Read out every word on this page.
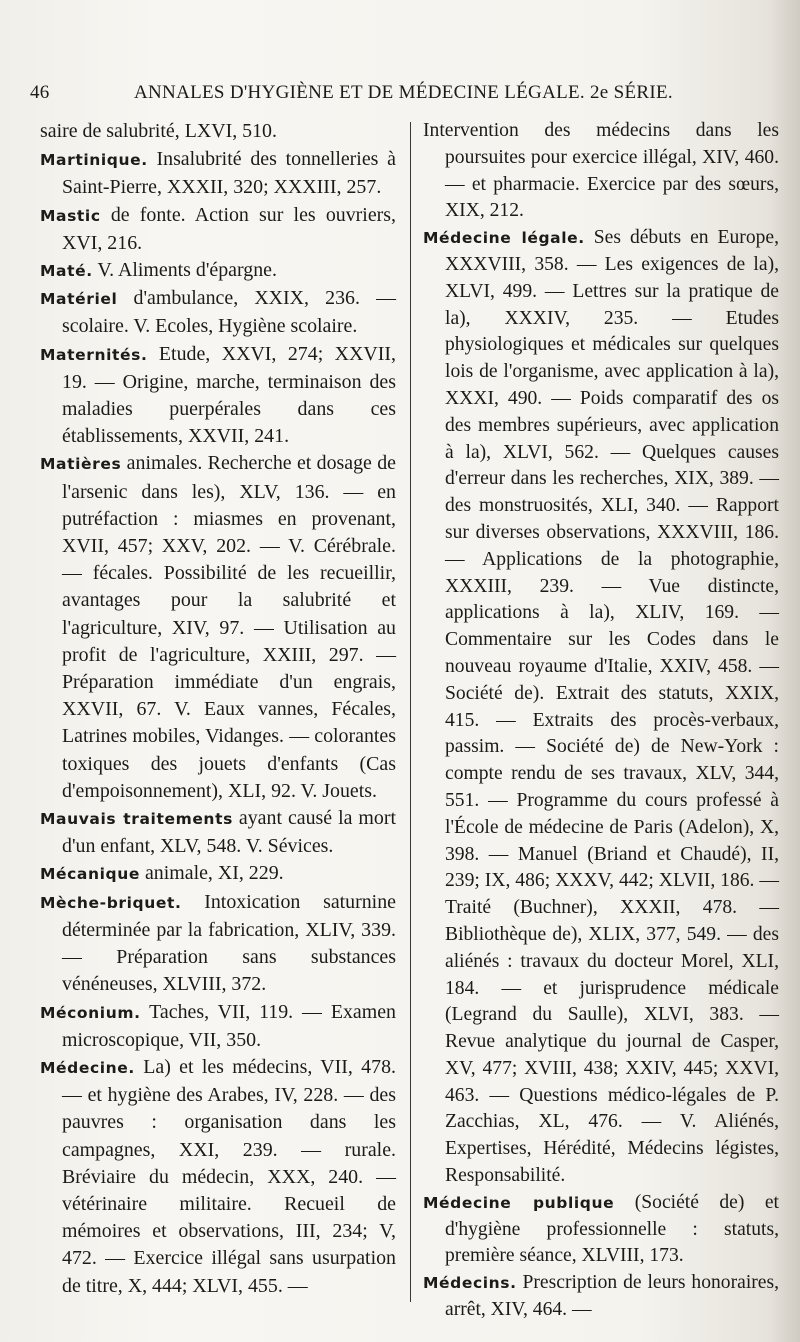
46	ANNALES D'HYGIÈNE ET DE MÉDECINE LÉGALE. 2e SÉRIE.

saire de salubrité, LXVI, 510.

Martinique. Insalubrité des tonnelleries à Saint-Pierre, XXXII, 320; XXXIII, 257.

Mastic de fonte. Action sur les ouvriers, XVI, 216.

Maté. V. Aliments d'épargne.

Matériel d'ambulance, XXIX, 236. — scolaire. V. Ecoles, Hygiène scolaire.

Maternités. Etude, XXVI, 274; XXVII, 19. — Origine, marche, terminaison des maladies puerpérales dans ces établissements, XXVII, 241.

Matières animales. Recherche et dosage de l'arsenic dans les), XLV, 136. — en putréfaction : miasmes en provenant, XVII, 457; XXV, 202. — V. Cérébrale. — fécales. Possibilité de les recueillir, avantages pour la salubrité et l'agriculture, XIV, 97. — Utilisation au profit de l'agriculture, XXIII, 297. — Préparation immédiate d'un engrais, XXVII, 67. V. Eaux vannes, Fécales, Latrines mobiles, Vidanges. — colorantes toxiques des jouets d'enfants (Cas d'empoisonnement), XLI, 92. V. Jouets.

Mauvais traitements ayant causé la mort d'un enfant, XLV, 548. V. Sévices.

Mécanique animale, XI, 229.

Mèche-briquet. Intoxication saturnine déterminée par la fabrication, XLIV, 339. — Préparation sans substances vénéneuses, XLVIII, 372.

Méconium. Taches, VII, 119. — Examen microscopique, VII, 350.

Médecine. La) et les médecins, VII, 478. — et hygiène des Arabes, IV, 228. — des pauvres : organisation dans les campagnes, XXI, 239. — rurale. Bréviaire du médecin, XXX, 240. — vétérinaire militaire. Recueil de mémoires et observations, III, 234; V, 472. — Exercice illégal sans usurpation de titre, X, 444; XLVI, 455. —

Intervention des médecins dans les poursuites pour exercice illégal, XIV, 460. — et pharmacie. Exercice par des sœurs, XIX, 212.

Médecine légale. Ses débuts en Europe, XXXVIII, 358. — Les exigences de la), XLVI, 499. — Lettres sur la pratique de la), XXXIV, 235. — Etudes physiologiques et médicales sur quelques lois de l'organisme, avec application à la), XXXI, 490. — Poids comparatif des os des membres supérieurs, avec application à la), XLVI, 562. — Quelques causes d'erreur dans les recherches, XIX, 389. — des monstruosités, XLI, 340. — Rapport sur diverses observations, XXXVIII, 186. — Applications de la photographie, XXXIII, 239. — Vue distincte, applications à la), XLIV, 169. — Commentaire sur les Codes dans le nouveau royaume d'Italie, XXIV, 458. — Société de). Extrait des statuts, XXIX, 415. — Extraits des procès-verbaux, passim. — Société de) de New-York : compte rendu de ses travaux, XLV, 344, 551. — Programme du cours professé à l'École de médecine de Paris (Adelon), X, 398. — Manuel (Briand et Chaudé), II, 239; IX, 486; XXXV, 442; XLVII, 186. — Traité (Buchner), XXXII, 478. — Bibliothèque de), XLIX, 377, 549. — des aliénés : travaux du docteur Morel, XLI, 184. — et jurisprudence médicale (Legrand du Saulle), XLVI, 383. — Revue analytique du journal de Casper, XV, 477; XVIII, 438; XXIV, 445; XXVI, 463. — Questions médico-légales de P. Zacchias, XL, 476. — V. Aliénés, Expertises, Hérédité, Médecins légistes, Responsabilité.

Médecine publique (Société de) et d'hygiène professionnelle : statuts, première séance, XLVIII, 173.

Médecins. Prescription de leurs honoraires, arrêt, XIV, 464. —
